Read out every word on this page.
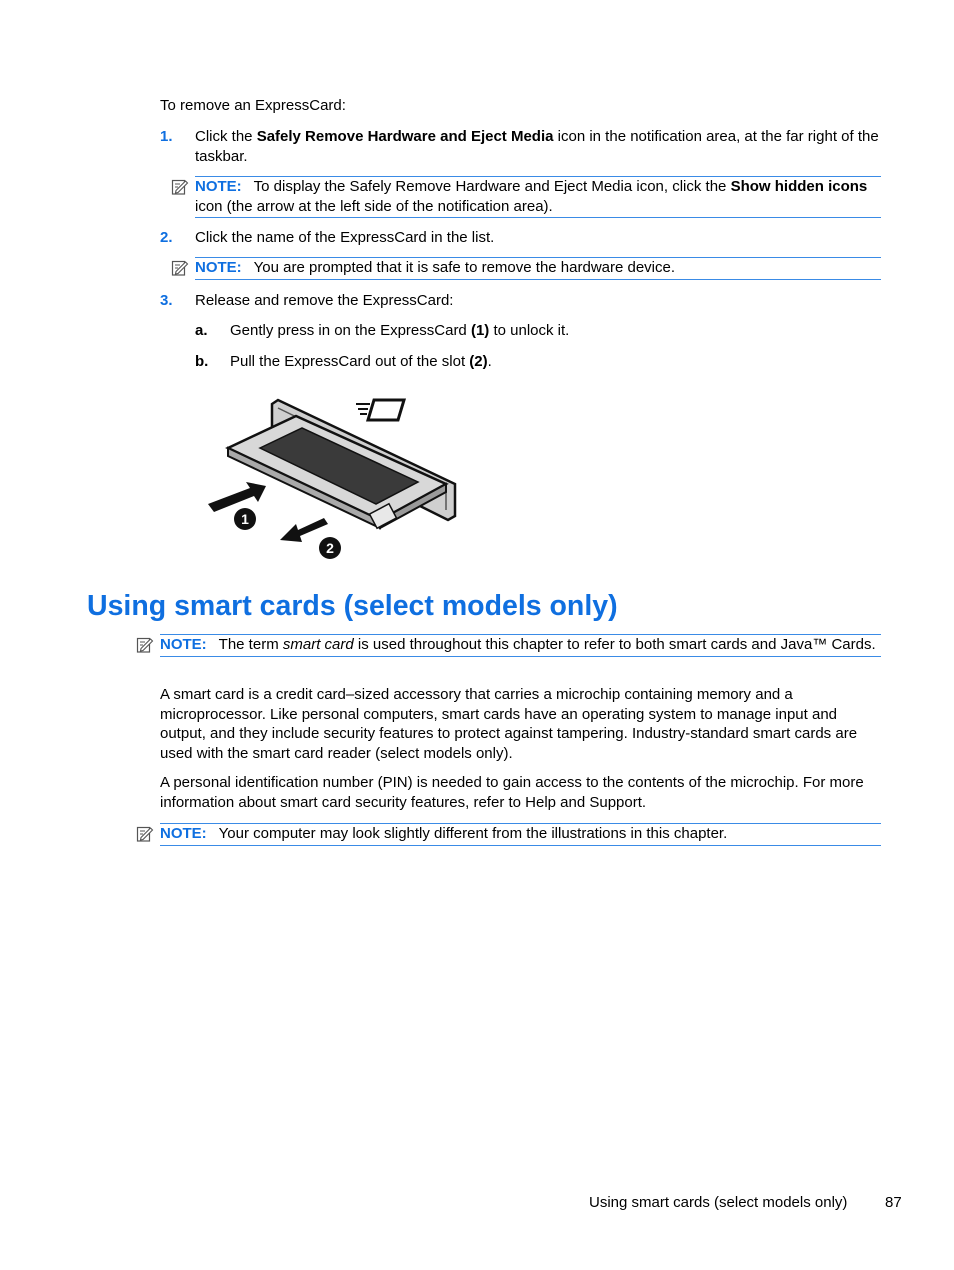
To remove an ExpressCard:
1. Click the Safely Remove Hardware and Eject Media icon in the notification area, at the far right of the taskbar.
NOTE: To display the Safely Remove Hardware and Eject Media icon, click the Show hidden icons icon (the arrow at the left side of the notification area).
2. Click the name of the ExpressCard in the list.
NOTE: You are prompted that it is safe to remove the hardware device.
3. Release and remove the ExpressCard:
a. Gently press in on the ExpressCard (1) to unlock it.
b. Pull the ExpressCard out of the slot (2).
1
2
Using smart cards (select models only)
NOTE: The term smart card is used throughout this chapter to refer to both smart cards and Java™ Cards.
A smart card is a credit card–sized accessory that carries a microchip containing memory and a microprocessor. Like personal computers, smart cards have an operating system to manage input and output, and they include security features to protect against tampering. Industry-standard smart cards are used with the smart card reader (select models only).
A personal identification number (PIN) is needed to gain access to the contents of the microchip. For more information about smart card security features, refer to Help and Support.
NOTE: Your computer may look slightly different from the illustrations in this chapter.
Using smart cards (select models only)	87
